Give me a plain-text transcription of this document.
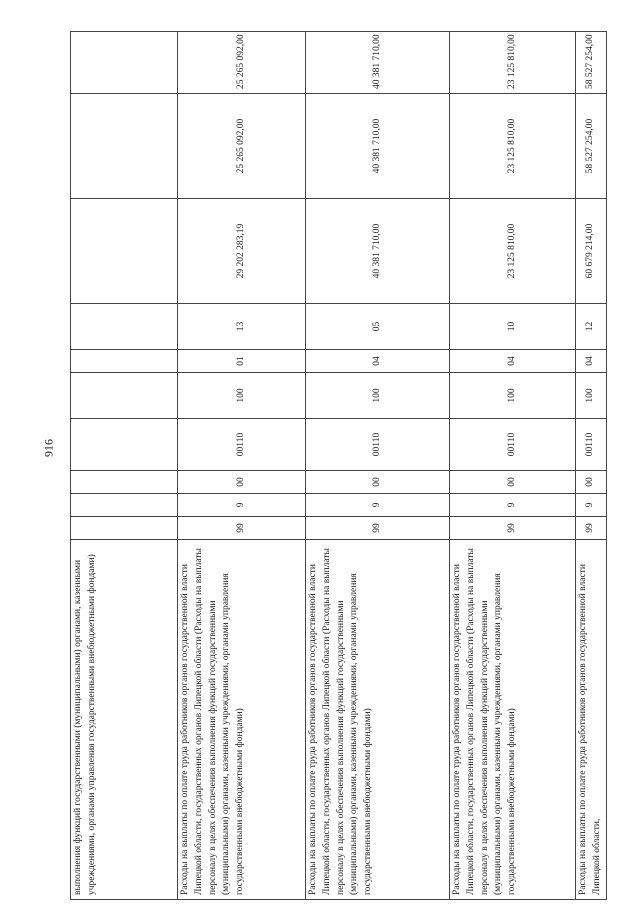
916
выполнения функций государственными (муниципальными) органами, казенными учреждениями, органами управления государственными внебюджетными фондами)										
Расходы на выплаты по оплате труда работников органов государственной власти Липецкой области, государственных органов Липецкой области (Расходы на выплаты персоналу в целях обеспечения выполнения функций государственными (муниципальными) органами, казенными учреждениями, органами управления государственными внебюджетными фондами)	99	9	00	00110	100	01	13	29 202 283,19	25 265 092,00	25 265 092,00
Расходы на выплаты по оплате труда работников органов государственной власти Липецкой области, государственных органов Липецкой области (Расходы на выплаты персоналу в целях обеспечения выполнения функций государственными (муниципальными) органами, казенными учреждениями, органами управления государственными внебюджетными фондами)	99	9	00	00110	100	04	05	40 381 710,00	40 381 710,00	40 381 710,00
Расходы на выплаты по оплате труда работников органов государственной власти Липецкой области, государственных органов Липецкой области (Расходы на выплаты персоналу в целях обеспечения выполнения функций государственными (муниципальными) органами, казенными учреждениями, органами управления государственными внебюджетными фондами)	99	9	00	00110	100	04	10	23 125 810,00	23 125 810,00	23 125 810,00
Расходы на выплаты по оплате труда работников органов государственной власти Липецкой области,	99	9	00	00110	100	04	12	60 679 214,00	58 527 254,00	58 527 254,00
